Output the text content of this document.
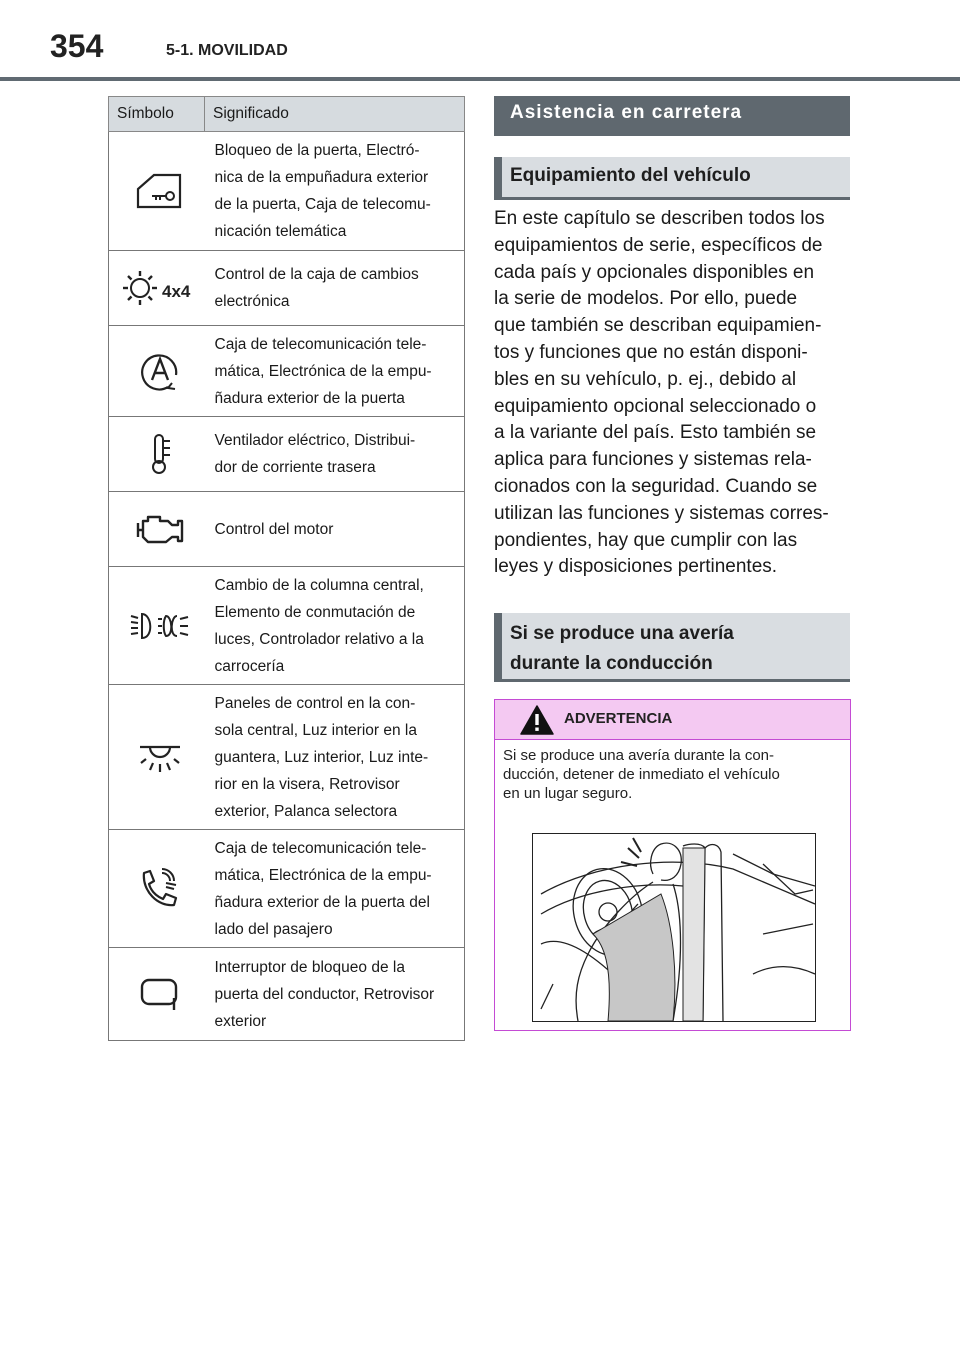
354	5-1. MOVILIDAD
Símbolo	Significado

Bloqueo de la puerta, Electró-
nica de la empuñadura exterior
de la puerta, Caja de telecomu-
nicación telemática

4x4	Control de la caja de cambios
electrónica

Caja de telecomunicación tele-
mática, Electrónica de la empu-
ñadura exterior de la puerta

Ventilador eléctrico, Distribui-
dor de corriente trasera

Control del motor

Cambio de la columna central,
Elemento de conmutación de
luces, Controlador relativo a la
carrocería

Paneles de control en la con-
sola central, Luz interior en la
guantera, Luz interior, Luz inte-
rior en la visera, Retrovisor
exterior, Palanca selectora

Caja de telecomunicación tele-
mática, Electrónica de la empu-
ñadura exterior de la puerta del
lado del pasajero

Interruptor de bloqueo de la
puerta del conductor, Retrovisor
exterior
Asistencia en carretera
Equipamiento del vehículo
En este capítulo se describen todos los
equipamientos de serie, específicos de
cada país y opcionales disponibles en
la serie de modelos. Por ello, puede
que también se describan equipamien-
tos y funciones que no están disponi-
bles en su vehículo, p. ej., debido al
equipamiento opcional seleccionado o
a la variante del país. Esto también se
aplica para funciones y sistemas rela-
cionados con la seguridad. Cuando se
utilizan las funciones y sistemas corres-
pondientes, hay que cumplir con las
leyes y disposiciones pertinentes.
Si se produce una avería
durante la conducción
ADVERTENCIA
Si se produce una avería durante la con-
ducción, detener de inmediato el vehículo
en un lugar seguro.
